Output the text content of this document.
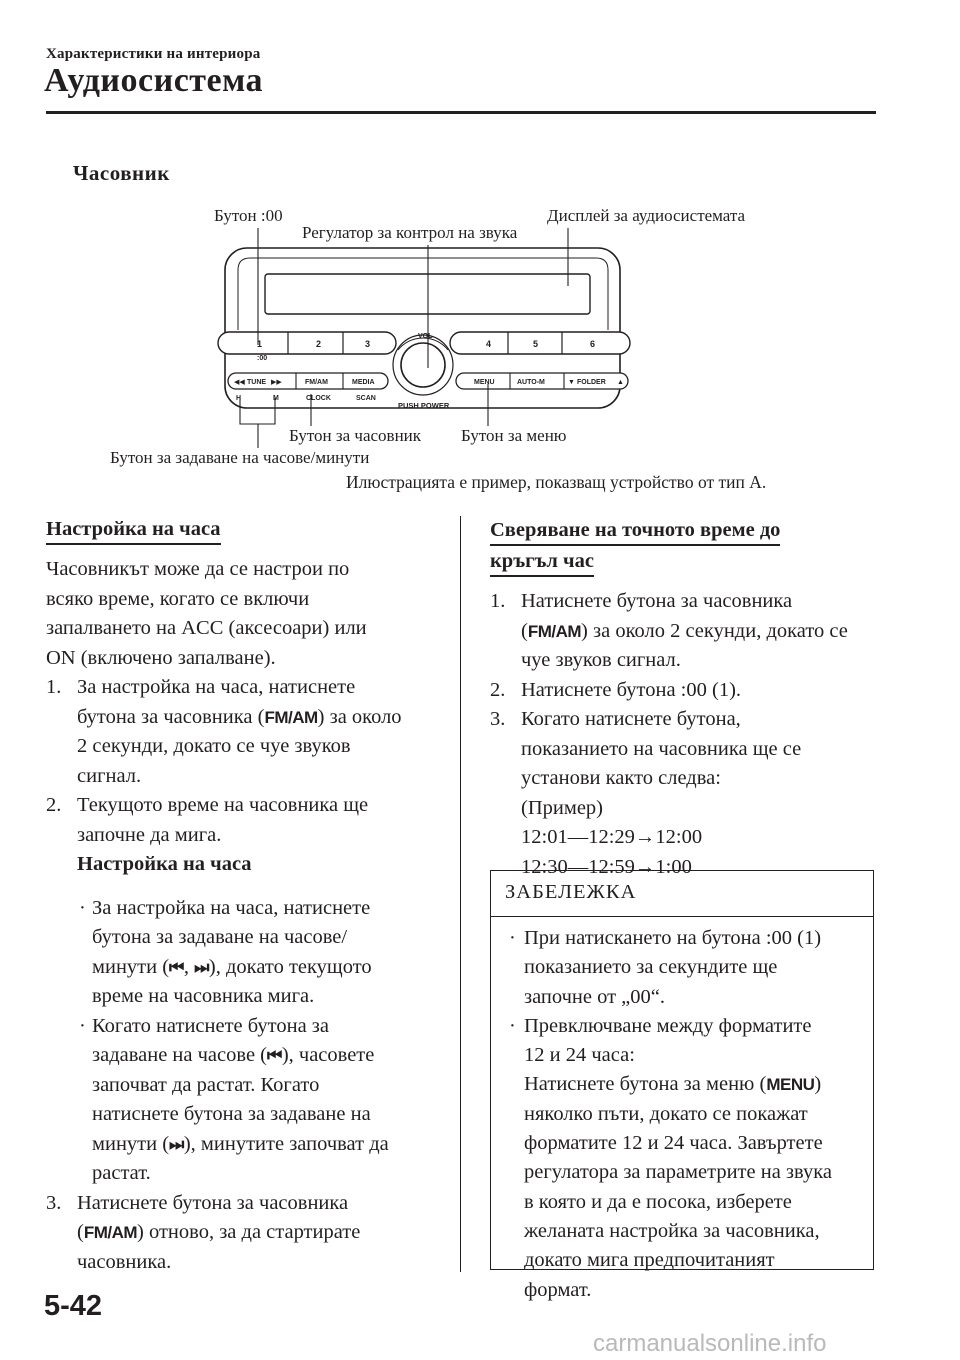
Характеристики на интериора
Аудиосистема
Часовник
Бутон :00
Регулатор за контрол на звука
Дисплей за аудиосистемата
Бутон за часовник Бутон за меню
Бутон за задаване на часове/минути
Илюстрацията е пример, показващ устройство от тип А.
1	2	3	4	5	6
:00
VOL
PUSH POWER
◀◀ TUNE ▶▶	FM/AM	MEDIA
H	M	CLOCK	SCAN
MENU	AUTO-M	▼ FOLDER ▲
Настройка на часа

Часовникът може да се настрои по

всяко време, когато се включи

запалването на ACC (аксесоари) или

ON (включено запалване).

1. За настройка на часа, натиснете
бутона за часовника (FM/AM) за около
2 секунди, докато се чуе звуков
сигнал.
2. Текущото време на часовника ще
започне да мига.
Настройка на часа
· За настройка на часа, натиснете
бутона за задаване на часове/
минути (⏮, ⏭), докато текущото
време на часовника мига.
· Когато натиснете бутона за
задаване на часове (⏮), часовете
започват да растат. Когато
натиснете бутона за задаване на
минути (⏭), минутите започват да
растат.
3. Натиснете бутона за часовника
(FM/AM) отново, за да стартирате
часовника.
Сверяване на точното време до
кръгъл час
1. Натиснете бутона за часовника
(FM/AM) за около 2 секунди, докато се
чуе звуков сигнал.
2. Натиснете бутона :00 (1).
3. Когато натиснете бутона,
показанието на часовника ще се
установи както следва:
(Пример)
12:01―12:29→12:00
12:30―12:59→1:00
ЗАБЕЛЕЖКА
· При натискането на бутона :00 (1)
показанието за секундите ще
започне от „00“.
· Превключване между форматите
12 и 24 часа:
Натиснете бутона за меню (MENU)
няколко пъти, докато се покажат
форматите 12 и 24 часа. Завъртете
регулатора за параметрите на звука
в която и да е посока, изберете
желаната настройка за часовника,
докато мига предпочитаният
формат.
5-42
carmanualsonline.info
